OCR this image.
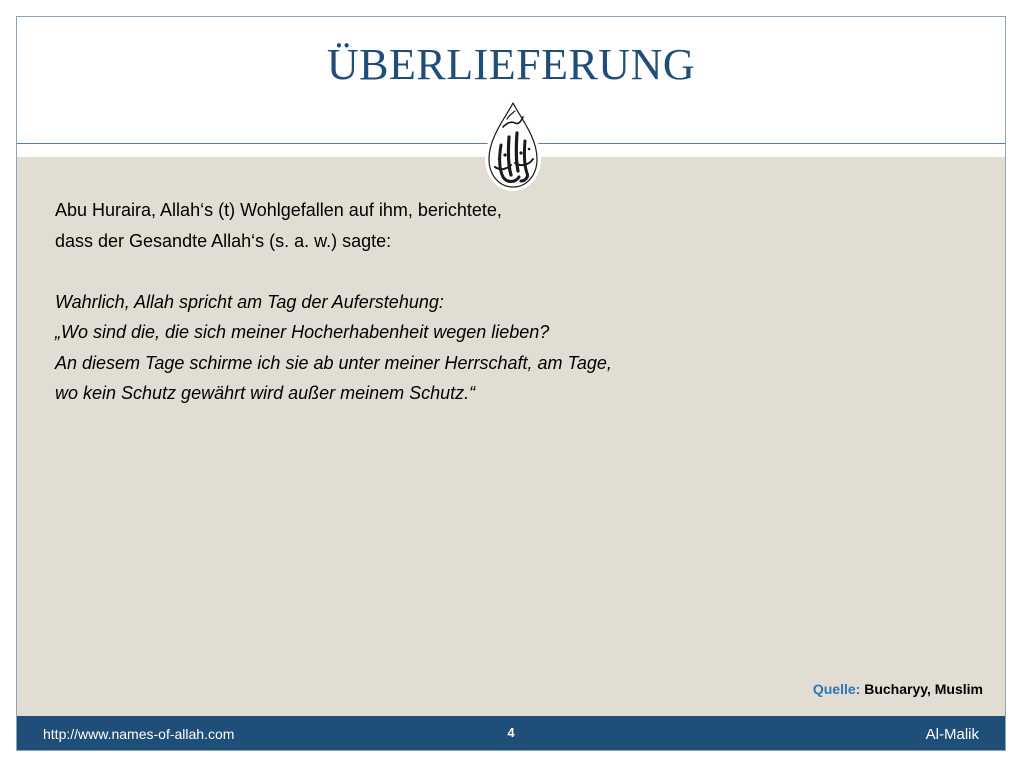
ÜBERLIEFERUNG
Abu Huraira, Allah‘s (t) Wohlgefallen auf ihm, berichtete,
dass der Gesandte Allah‘s (s. a. w.) sagte:
Wahrlich, Allah spricht am Tag der Auferstehung:
„Wo sind die, die sich meiner Hocherhabenheit wegen lieben?
An diesem Tage schirme ich sie ab unter meiner Herrschaft, am Tage,
wo kein Schutz gewährt wird außer meinem Schutz.“
Quelle: Bucharyy, Muslim
http://www.names-of-allah.com	4	Al-Malik
